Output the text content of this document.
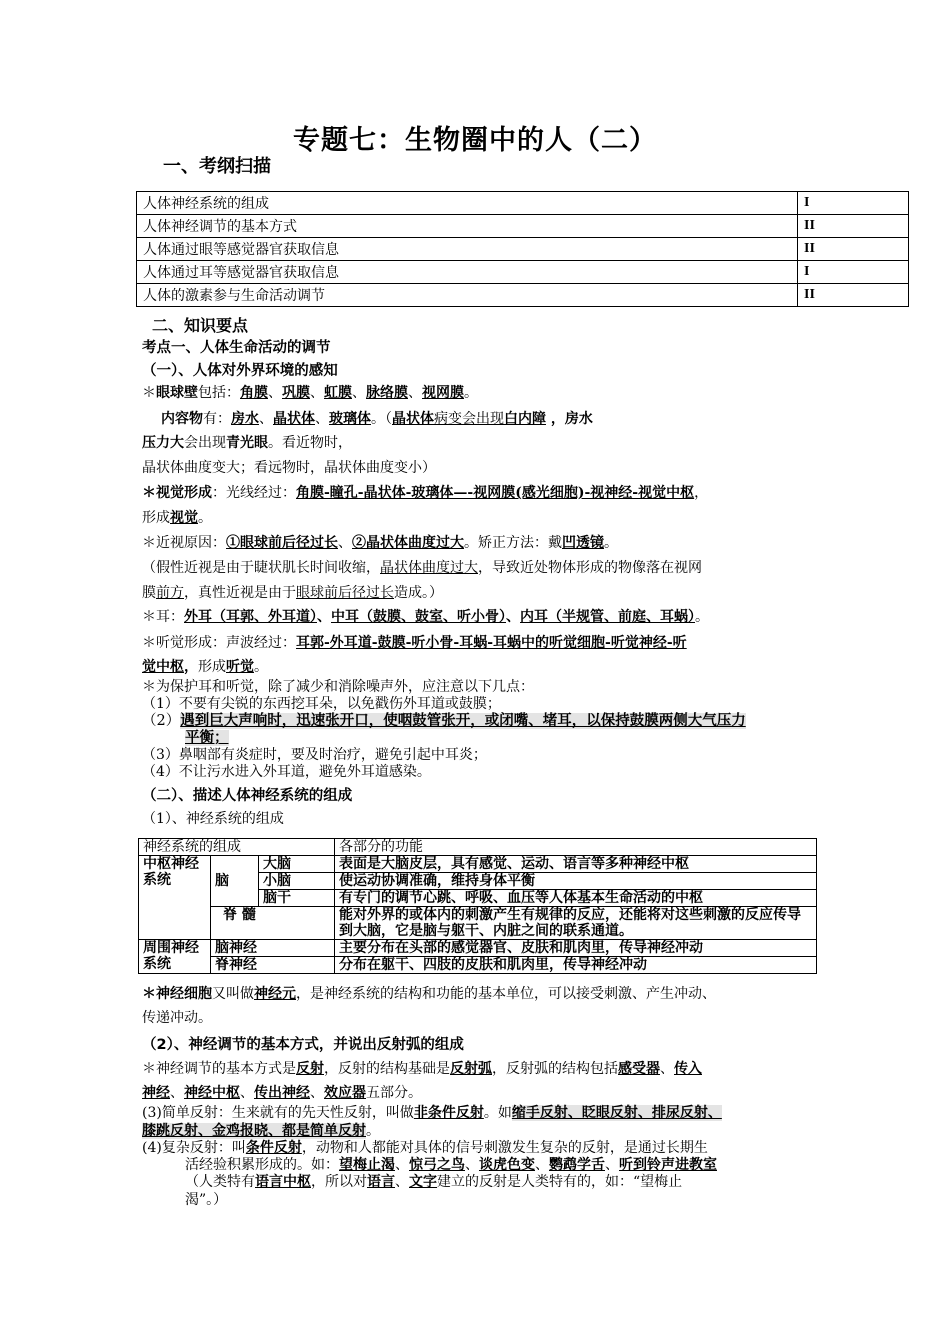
专题七：生物圈中的人（二）
一、考纲扫描
人体神经系统的组成	I
人体神经调节的基本方式	II
人体通过眼等感觉器官获取信息	II
人体通过耳等感觉器官获取信息	I
人体的激素参与生命活动调节	II
二、知识要点
考点一、人体生命活动的调节
（一）、人体对外界环境的感知
＊眼球壁包括：角膜、巩膜、虹膜、脉络膜、视网膜。
内容物有：房水、晶状体、玻璃体。（晶状体病变会出现白内障 ，房水
压力大会出现青光眼。看近物时，
晶状体曲度变大；看远物时，晶状体曲度变小）
＊视觉形成：光线经过：角膜-瞳孔-晶状体-玻璃体—-视网膜(感光细胞)-视神经-视觉中枢，
形成视觉。
＊近视原因：①眼球前后径过长、②晶状体曲度过大。矫正方法：戴凹透镜。
（假性近视是由于睫状肌长时间收缩，晶状体曲度过大，导致近处物体形成的物像落在视网
膜前方，真性近视是由于眼球前后径过长造成。）
＊耳：外耳（耳郭、外耳道）、中耳（鼓膜、鼓室、听小骨）、内耳（半规管、前庭、耳蜗）。
＊听觉形成：声波经过：耳郭-外耳道-鼓膜-听小骨-耳蜗-耳蜗中的听觉细胞-听觉神经-听
觉中枢，形成听觉。
＊为保护耳和听觉，除了减少和消除噪声外，应注意以下几点：
（1）不要有尖锐的东西挖耳朵，以免戳伤外耳道或鼓膜；
（2）遇到巨大声响时，迅速张开口，使咽鼓管张开，或闭嘴、堵耳，以保持鼓膜两侧大气压力
平衡；
（3）鼻咽部有炎症时，要及时治疗，避免引起中耳炎；
（4）不让污水进入外耳道，避免外耳道感染。
（二）、描述人体神经系统的组成
（1）、神经系统的组成
神经系统的组成			各部分的功能
中枢神经系统	脑	大脑	表面是大脑皮层，具有感觉、运动、语言等多种神经中枢
		小脑	使运动协调准确，维持身体平衡
		脑干	有专门的调节心跳、呼吸、血压等人体基本生命活动的中枢
	脊 髓		能对外界的或体内的刺激产生有规律的反应，还能将对这些刺激的反应传导到大脑，它是脑与躯干、内脏之间的联系通道。
周围神经系统	脑神经		主要分布在头部的感觉器官、皮肤和肌肉里，传导神经冲动
	脊神经		分布在躯干、四肢的皮肤和肌肉里，传导神经冲动
＊神经细胞又叫做神经元，是神经系统的结构和功能的基本单位，可以接受刺激、产生冲动、
传递冲动。
（2）、神经调节的基本方式，并说出反射弧的组成
＊神经调节的基本方式是反射，反射的结构基础是反射弧，反射弧的结构包括感受器、传入
神经、神经中枢、传出神经、效应器五部分。
(3)简单反射：生来就有的先天性反射，叫做非条件反射。如缩手反射、眨眼反射、排尿反射、
膝跳反射、金鸡报晓、都是简单反射。
(4)复杂反射：叫条件反射，动物和人都能对具体的信号刺激发生复杂的反射，是通过长期生
活经验积累形成的。如：望梅止渴、惊弓之鸟、谈虎色变、鹦鹉学舌、听到铃声进教室
（人类特有语言中枢，所以对语言、文字建立的反射是人类特有的，如：“望梅止
渴”。）
